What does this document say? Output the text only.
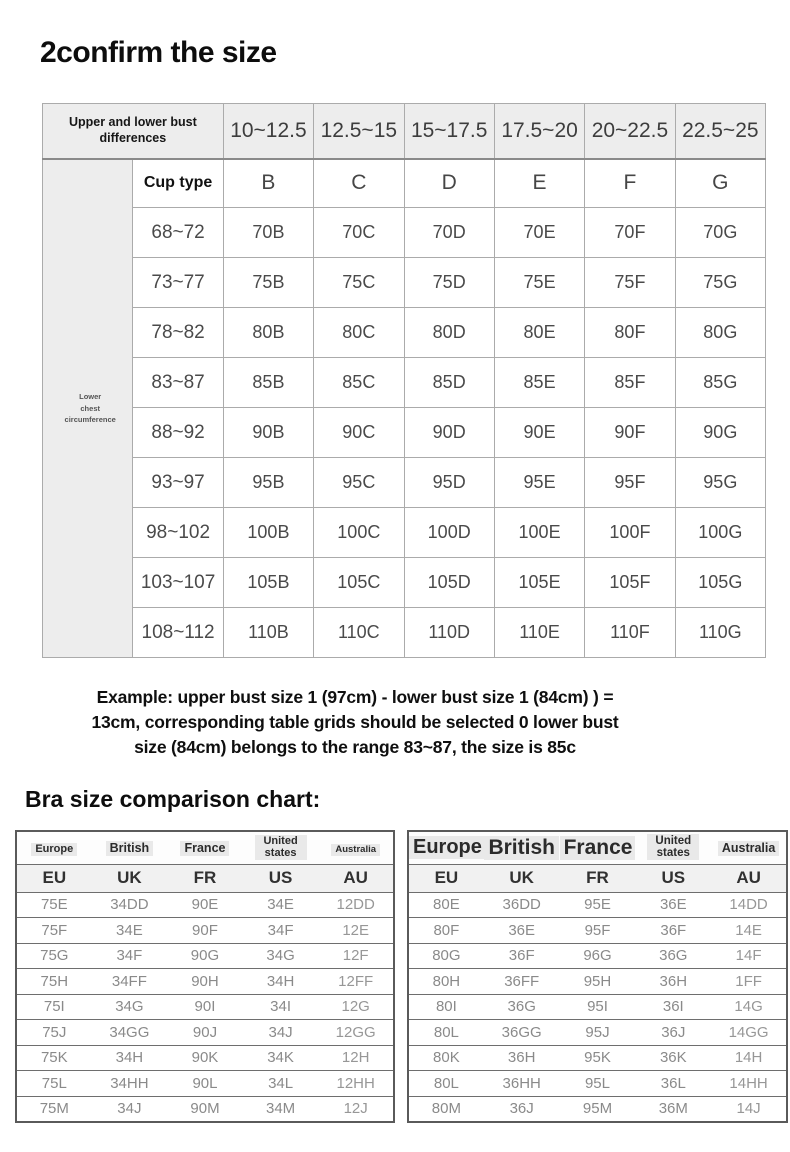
2confirm the size
Upper and lower bust differences		10~12.5	12.5~15	15~17.5	17.5~20	20~22.5	22.5~25

Lower
chest
circumference	Cup type	B	C	D	E	F	G
	68~72	70B	70C	70D	70E	70F	70G
	73~77	75B	75C	75D	75E	75F	75G
	78~82	80B	80C	80D	80E	80F	80G
	83~87	85B	85C	85D	85E	85F	85G
	88~92	90B	90C	90D	90E	90F	90G
	93~97	95B	95C	95D	95E	95F	95G
	98~102	100B	100C	100D	100E	100F	100G
	103~107	105B	105C	105D	105E	105F	105G
	108~112	110B	110C	110D	110E	110F	110G
Example: upper bust size 1 (97cm) - lower bust size 1 (84cm) ) =
13cm, corresponding table grids should be selected 0 lower bust
size (84cm) belongs to the range 83~87, the size is 85c
Bra size comparison chart:
Europe	British	France	United states	Australia
EU	UK	FR	US	AU
75E	34DD	90E	34E	12DD
75F	34E	90F	34F	12E
75G	34F	90G	34G	12F
75H	34FF	90H	34H	12FF
75I	34G	90I	34I	12G
75J	34GG	90J	34J	12GG
75K	34H	90K	34K	12H
75L	34HH	90L	34L	12HH
75M	34J	90M	34M	12J
Europe	British	France	United states	Australia
EU	UK	FR	US	AU
80E	36DD	95E	36E	14DD
80F	36E	95F	36F	14E
80G	36F	96G	36G	14F
80H	36FF	95H	36H	1FF
80I	36G	95I	36I	14G
80L	36GG	95J	36J	14GG
80K	36H	95K	36K	14H
80L	36HH	95L	36L	14HH
80M	36J	95M	36M	14J
